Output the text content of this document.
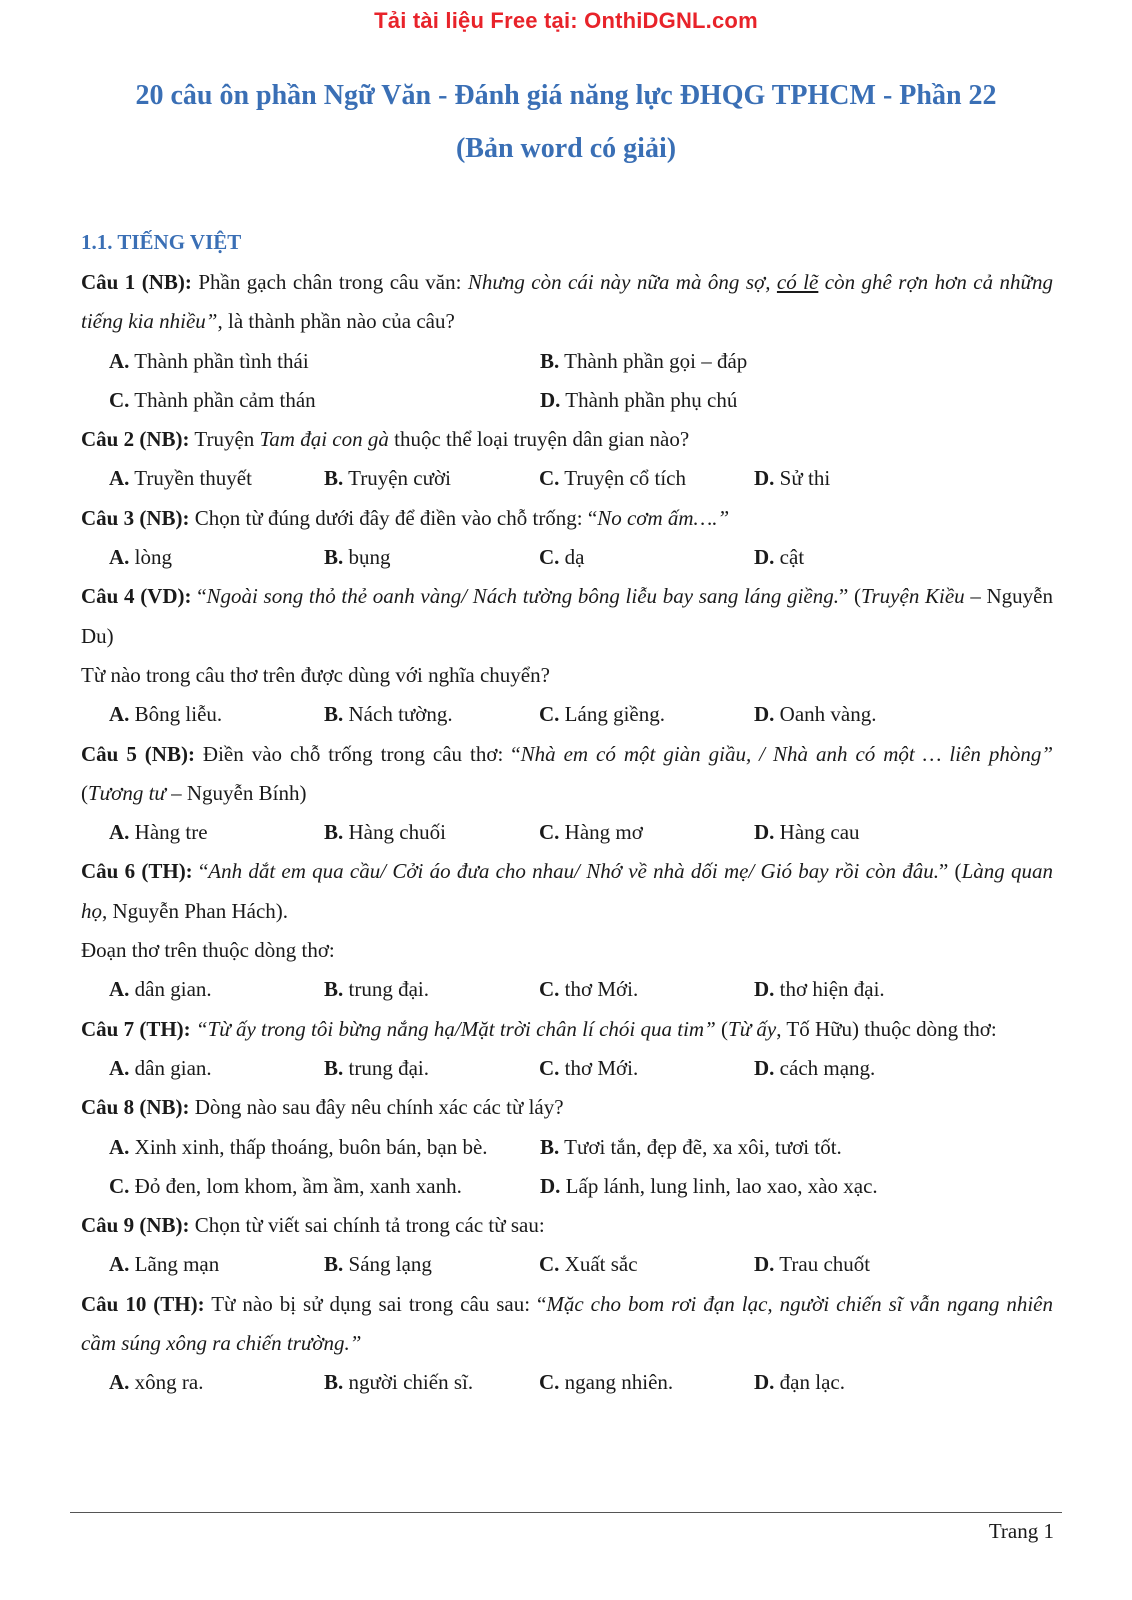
Tải tài liệu Free tại: OnthiDGNL.com
20 câu ôn phần Ngữ Văn - Đánh giá năng lực ĐHQG TPHCM - Phần 22
(Bản word có giải)
1.1. TIẾNG VIỆT
Câu 1 (NB): Phần gạch chân trong câu văn: Nhưng còn cái này nữa mà ông sợ, có lẽ còn ghê rợn hơn cả những tiếng kia nhiều”, là thành phần nào của câu?
A. Thành phần tình thái	B. Thành phần gọi – đáp
C. Thành phần cảm thán	D. Thành phần phụ chú
Câu 2 (NB): Truyện Tam đại con gà thuộc thể loại truyện dân gian nào?
A. Truyền thuyết	B. Truyện cười	C. Truyện cổ tích	D. Sử thi
Câu 3 (NB): Chọn từ đúng dưới đây để điền vào chỗ trống: “No cơm ấm….”
A. lòng	B. bụng	C. dạ	D. cật
Câu 4 (VD): “Ngoài song thỏ thẻ oanh vàng/ Nách tường bông liễu bay sang láng giềng.” (Truyện Kiều – Nguyễn Du)
Từ nào trong câu thơ trên được dùng với nghĩa chuyển?
A. Bông liễu.	B. Nách tường.	C. Láng giềng.	D. Oanh vàng.
Câu 5 (NB): Điền vào chỗ trống trong câu thơ: “Nhà em có một giàn giầu, / Nhà anh có một … liên phòng” (Tương tư – Nguyễn Bính)
A. Hàng tre	B. Hàng chuối	C. Hàng mơ	D. Hàng cau
Câu 6 (TH): “Anh dắt em qua cầu/ Cởi áo đưa cho nhau/ Nhớ về nhà dối mẹ/ Gió bay rồi còn đâu.” (Làng quan họ, Nguyễn Phan Hách).
Đoạn thơ trên thuộc dòng thơ:
A. dân gian.	B. trung đại.	C. thơ Mới.	D. thơ hiện đại.
Câu 7 (TH): “Từ ấy trong tôi bừng nắng hạ/Mặt trời chân lí chói qua tim” (Từ ấy, Tố Hữu) thuộc dòng thơ:
A. dân gian.	B. trung đại.	C. thơ Mới.	D. cách mạng.
Câu 8 (NB): Dòng nào sau đây nêu chính xác các từ láy?
A. Xinh xinh, thấp thoáng, buôn bán, bạn bè.	B. Tươi tắn, đẹp đẽ, xa xôi, tươi tốt.
C. Đỏ đen, lom khom, ầm ầm, xanh xanh.	D. Lấp lánh, lung linh, lao xao, xào xạc.
Câu 9 (NB): Chọn từ viết sai chính tả trong các từ sau:
A. Lãng mạn	B. Sáng lạng	C. Xuất sắc	D. Trau chuốt
Câu 10 (TH): Từ nào bị sử dụng sai trong câu sau: “Mặc cho bom rơi đạn lạc, người chiến sĩ vẫn ngang nhiên cầm súng xông ra chiến trường.”
A. xông ra.	B. người chiến sĩ.	C. ngang nhiên.	D. đạn lạc.
Trang 1
